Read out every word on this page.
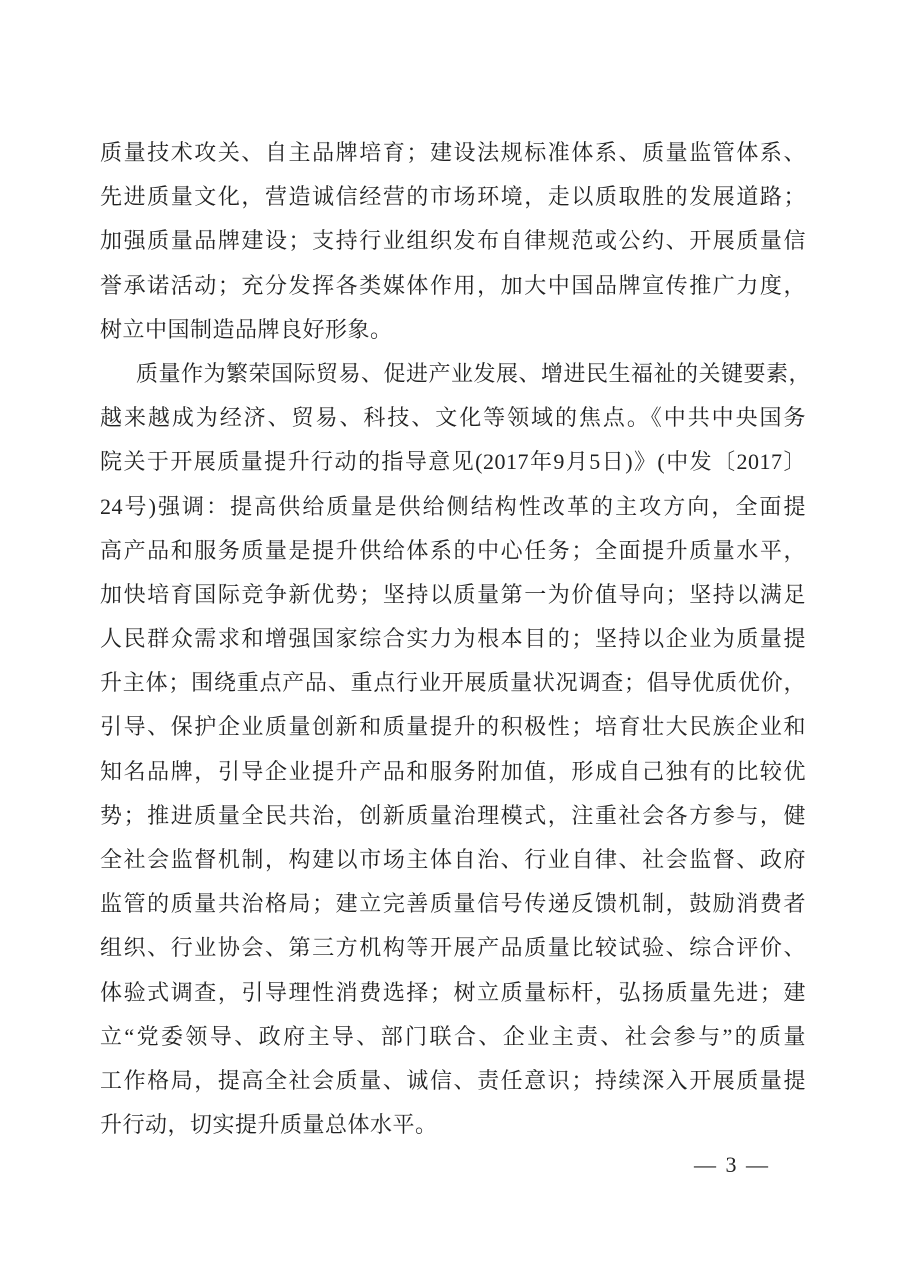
质量技术攻关、自主品牌培育；建设法规标准体系、质量监管体系、
先进质量文化，营造诚信经营的市场环境，走以质取胜的发展道路；
加强质量品牌建设；支持行业组织发布自律规范或公约、开展质量信
誉承诺活动；充分发挥各类媒体作用，加大中国品牌宣传推广力度，
树立中国制造品牌良好形象。
质量作为繁荣国际贸易、促进产业发展、增进民生福祉的关键要素，
越来越成为经济、贸易、科技、文化等领域的焦点。《中共中央国务
院关于开展质量提升行动的指导意见(2017年9月5日)》(中发〔2017〕
24号)强调：提高供给质量是供给侧结构性改革的主攻方向，全面提
高产品和服务质量是提升供给体系的中心任务；全面提升质量水平，
加快培育国际竞争新优势；坚持以质量第一为价值导向；坚持以满足
人民群众需求和增强国家综合实力为根本目的；坚持以企业为质量提
升主体；围绕重点产品、重点行业开展质量状况调查；倡导优质优价，
引导、保护企业质量创新和质量提升的积极性；培育壮大民族企业和
知名品牌，引导企业提升产品和服务附加值，形成自己独有的比较优
势；推进质量全民共治，创新质量治理模式，注重社会各方参与，健
全社会监督机制，构建以市场主体自治、行业自律、社会监督、政府
监管的质量共治格局；建立完善质量信号传递反馈机制，鼓励消费者
组织、行业协会、第三方机构等开展产品质量比较试验、综合评价、
体验式调查，引导理性消费选择；树立质量标杆，弘扬质量先进；建
立“党委领导、政府主导、部门联合、企业主责、社会参与”的质量
工作格局，提高全社会质量、诚信、责任意识；持续深入开展质量提
升行动，切实提升质量总体水平。
— 3 —
